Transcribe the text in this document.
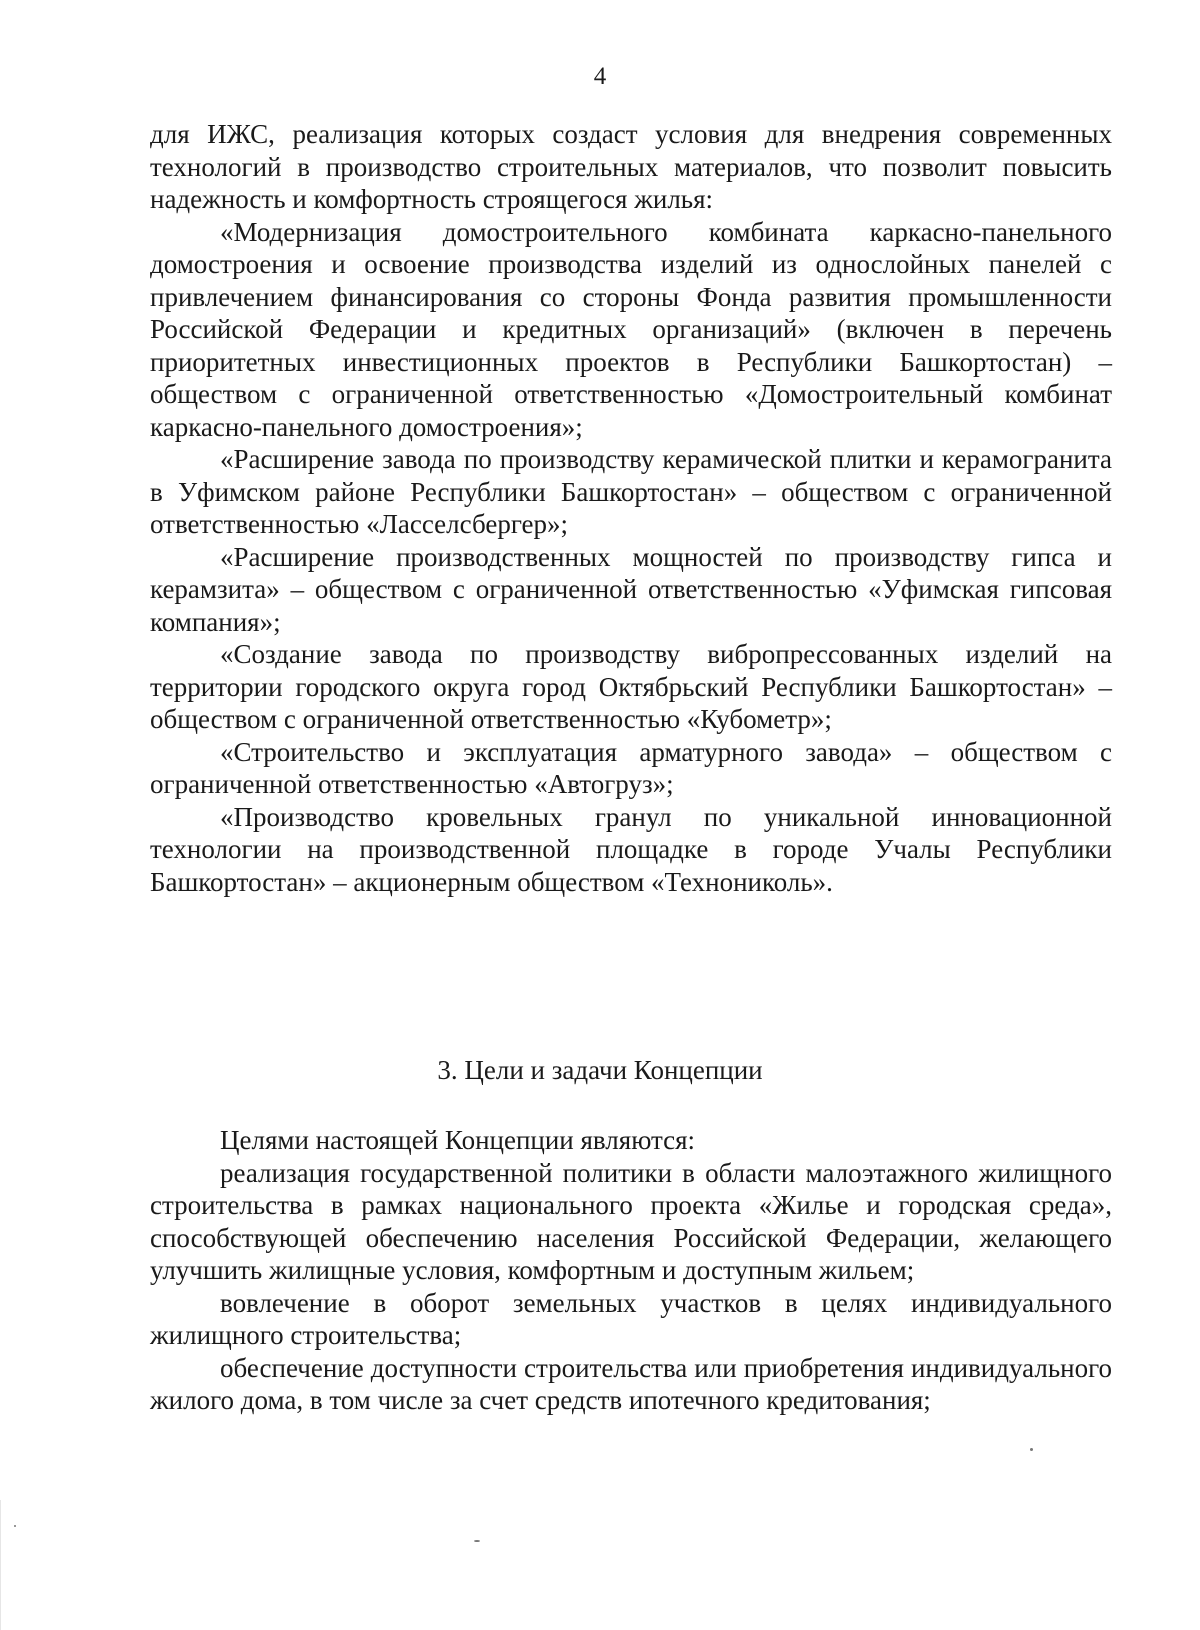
4

для ИЖС, реализация которых создаст условия для внедрения современных технологий в производство строительных материалов, что позволит повысить надежность и комфортность строящегося жилья:

«Модернизация домостроительного комбината каркасно-панельного домостроения и освоение производства изделий из однослойных панелей с привлечением финансирования со стороны Фонда развития промышленности Российской Федерации и кредитных организаций» (включен в перечень приоритетных инвестиционных проектов в Республики Башкортостан) – обществом с ограниченной ответственностью «Домостроительный комбинат каркасно-панельного домостроения»;

«Расширение завода по производству керамической плитки и керамогранита в Уфимском районе Республики Башкортостан» – обществом с ограниченной ответственностью «Ласселсбергер»;

«Расширение производственных мощностей по производству гипса и керамзита» – обществом с ограниченной ответственностью «Уфимская гипсовая компания»;

«Создание завода по производству вибропрессованных изделий на территории городского округа город Октябрьский Республики Башкортостан» – обществом с ограниченной ответственностью «Кубометр»;

«Строительство и эксплуатация арматурного завода» – обществом с ограниченной ответственностью «Автогруз»;

«Производство кровельных гранул по уникальной инновационной технологии на производственной площадке в городе Учалы Республики Башкортостан» – акционерным обществом «Технониколь».

3. Цели и задачи Концепции

Целями настоящей Концепции являются:

реализация государственной политики в области малоэтажного жилищного строительства в рамках национального проекта «Жилье и городская среда», способствующей обеспечению населения Российской Федерации, желающего улучшить жилищные условия, комфортным и доступным жильем;

вовлечение в оборот земельных участков в целях индивидуального жилищного строительства;

обеспечение доступности строительства или приобретения индивидуального жилого дома, в том числе за счет средств ипотечного кредитования;
